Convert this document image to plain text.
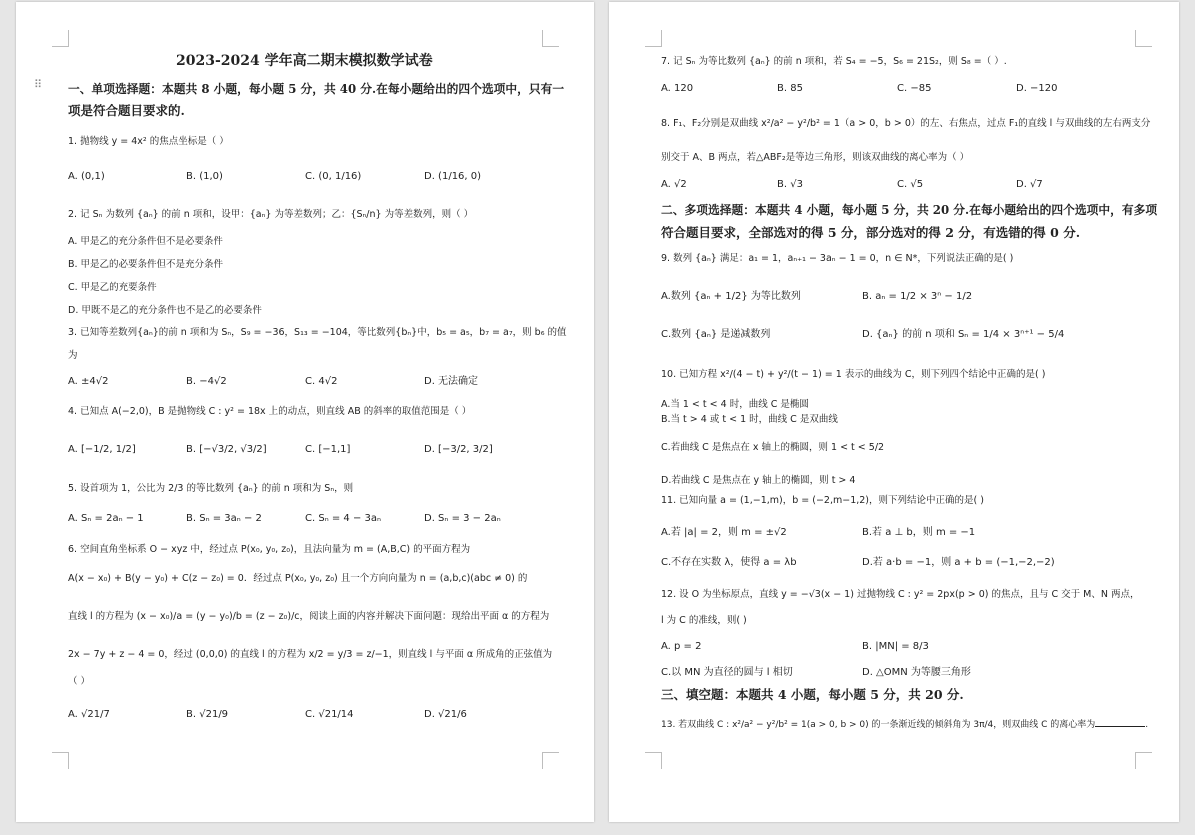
⠿
2023-2024 学年高二期末模拟数学试卷
一、单项选择题：本题共 8 小题，每小题 5 分，共 40 分.在每小题给出的四个选项中，只有一
项是符合题目要求的.
1. 抛物线 y = 4x² 的焦点坐标是（ ）
A. (0,1)	B. (1,0)	C. (0, 1/16)	D. (1/16, 0)
2. 记 Sₙ 为数列 {aₙ} 的前 n 项和，设甲：{aₙ} 为等差数列；乙：{Sₙ/n} 为等差数列，则（ ）
A. 甲是乙的充分条件但不是必要条件
B. 甲是乙的必要条件但不是充分条件
C. 甲是乙的充要条件
D. 甲既不是乙的充分条件也不是乙的必要条件
3. 已知等差数列{aₙ}的前 n 项和为 Sₙ，S₉ = −36，S₁₃ = −104，等比数列{bₙ}中，b₅ = a₅，b₇ = a₇，则 b₆ 的值
为
A. ±4√2	B. −4√2	C. 4√2	D. 无法确定
4. 已知点 A(−2,0)，B 是抛物线 C : y² = 18x 上的动点，则直线 AB 的斜率的取值范围是（ ）
A. [−1/2, 1/2]	B. [−√3/2, √3/2]	C. [−1,1]	D. [−3/2, 3/2]
5. 设首项为 1，公比为 2/3 的等比数列 {aₙ} 的前 n 项和为 Sₙ，则
A. Sₙ = 2aₙ − 1	B. Sₙ = 3aₙ − 2	C. Sₙ = 4 − 3aₙ	D. Sₙ = 3 − 2aₙ
6. 空间直角坐标系 O − xyz 中，经过点 P(x₀, y₀, z₀)，且法向量为 m = (A,B,C) 的平面方程为
A(x − x₀) + B(y − y₀) + C(z − z₀) = 0．经过点 P(x₀, y₀, z₀) 且一个方向向量为 n = (a,b,c)(abc ≠ 0) 的
直线 l 的方程为 (x − x₀)/a = (y − y₀)/b = (z − z₀)/c，阅读上面的内容并解决下面问题：现给出平面 α 的方程为
2x − 7y + z − 4 = 0，经过 (0,0,0) 的直线 l 的方程为 x/2 = y/3 = z/−1，则直线 l 与平面 α 所成角的正弦值为
（ ）
A. √21/7	B. √21/9	C. √21/14	D. √21/6
7. 记 Sₙ 为等比数列 {aₙ} 的前 n 项和，若 S₄ = −5，S₆ = 21S₂，则 S₈ =（ ）.
A. 120	B. 85	C. −85	D. −120
8. F₁、F₂分别是双曲线 x²/a² − y²/b² = 1（a > 0，b > 0）的左、右焦点，过点 F₁的直线 l 与双曲线的左右两支分
别交于 A、B 两点，若△ABF₂是等边三角形，则该双曲线的离心率为（ ）
A. √2	B. √3	C. √5	D. √7
二、多项选择题：本题共 4 小题，每小题 5 分，共 20 分.在每小题给出的四个选项中，有多项
符合题目要求，全部选对的得 5 分，部分选对的得 2 分，有选错的得 0 分.
9. 数列 {aₙ} 满足：a₁ = 1，aₙ₊₁ − 3aₙ − 1 = 0，n ∈ N*，下列说法正确的是( )
A.数列 {aₙ + 1/2} 为等比数列	B. aₙ = 1/2 × 3ⁿ − 1/2
C.数列 {aₙ} 是递减数列	D. {aₙ} 的前 n 项和 Sₙ = 1/4 × 3ⁿ⁺¹ − 5/4
10. 已知方程 x²/(4 − t) + y²/(t − 1) = 1 表示的曲线为 C，则下列四个结论中正确的是( )
A.当 1 < t < 4 时，曲线 C 是椭圆
B.当 t > 4 或 t < 1 时，曲线 C 是双曲线
C.若曲线 C 是焦点在 x 轴上的椭圆，则 1 < t < 5/2
D.若曲线 C 是焦点在 y 轴上的椭圆，则 t > 4
11. 已知向量 a = (1,−1,m)，b = (−2,m−1,2)，则下列结论中正确的是( )
A.若 |a| = 2，则 m = ±√2	B.若 a ⊥ b，则 m = −1
C.不存在实数 λ，使得 a = λb	D.若 a·b = −1，则 a + b = (−1,−2,−2)
12. 设 O 为坐标原点，直线 y = −√3(x − 1) 过抛物线 C : y² = 2px(p > 0) 的焦点，且与 C 交于 M、N 两点，
l 为 C 的准线，则( )
A. p = 2	B. |MN| = 8/3
C.以 MN 为直径的圆与 l 相切	D. △OMN 为等腰三角形
三、填空题：本题共 4 小题，每小题 5 分，共 20 分.
13. 若双曲线 C : x²/a² − y²/b² = 1(a > 0, b > 0) 的一条渐近线的倾斜角为 3π/4，则双曲线 C 的离心率为	.
